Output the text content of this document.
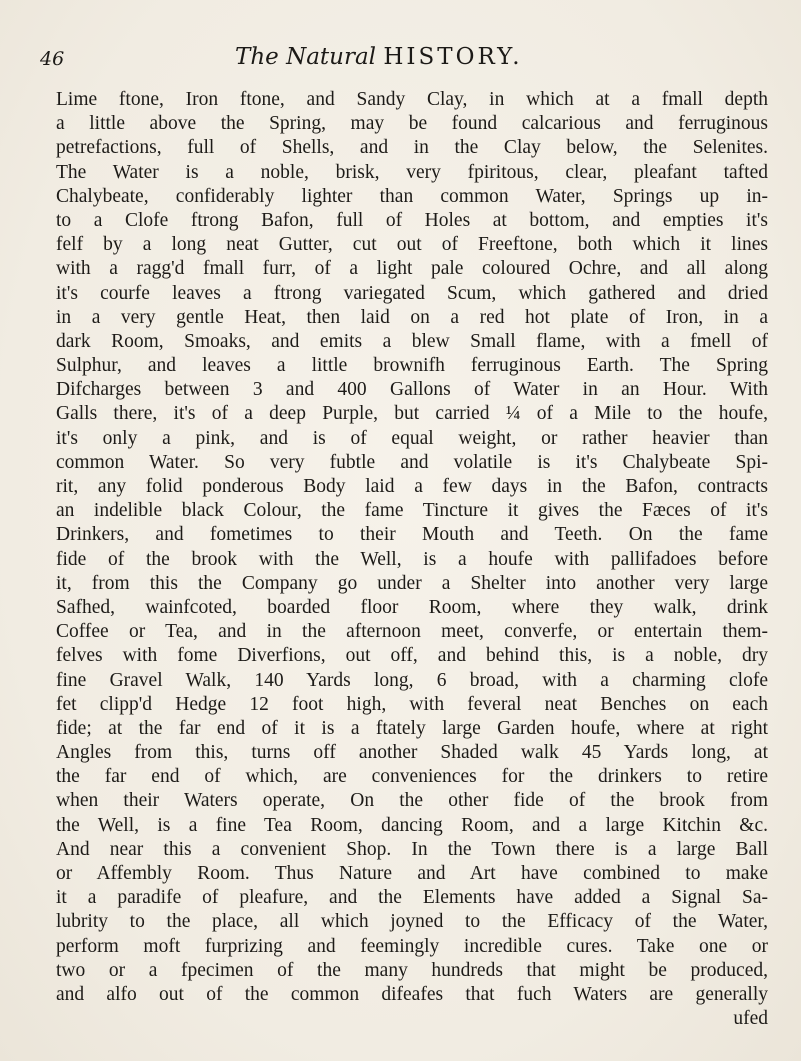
46	The Natural HISTORY.
Lime ftone, Iron ftone, and Sandy Clay, in which at a fmall depth
a little above the Spring, may be found calcarious and ferruginous
petrefactions, full of Shells, and in the Clay below, the Selenites.
The Water is a noble, brisk, very fpiritous, clear, pleafant tafted
Chalybeate, confiderably lighter than common Water, Springs up in-
to a Clofe ftrong Bafon, full of Holes at bottom, and empties it's
felf by a long neat Gutter, cut out of Freeftone, both which it lines
with a ragg'd fmall furr, of a light pale coloured Ochre, and all along
it's courfe leaves a ftrong variegated Scum, which gathered and dried
in a very gentle Heat, then laid on a red hot plate of Iron, in a
dark Room, Smoaks, and emits a blew Small flame, with a fmell of
Sulphur, and leaves a little brownifh ferruginous Earth. The Spring
Difcharges between 3 and 400 Gallons of Water in an Hour. With
Galls there, it's of a deep Purple, but carried ¼ of a Mile to the houfe,
it's only a pink, and is of equal weight, or rather heavier than
common Water. So very fubtle and volatile is it's Chalybeate Spi-
rit, any folid ponderous Body laid a few days in the Bafon, contracts
an indelible black Colour, the fame Tincture it gives the Fæces of it's
Drinkers, and fometimes to their Mouth and Teeth. On the fame
fide of the brook with the Well, is a houfe with pallifadoes before
it, from this the Company go under a Shelter into another very large
Safhed, wainfcoted, boarded floor Room, where they walk, drink
Coffee or Tea, and in the afternoon meet, converfe, or entertain them-
felves with fome Diverfions, out off, and behind this, is a noble, dry
fine Gravel Walk, 140 Yards long, 6 broad, with a charming clofe
fet clipp'd Hedge 12 foot high, with feveral neat Benches on each
fide; at the far end of it is a ftately large Garden houfe, where at right
Angles from this, turns off another Shaded walk 45 Yards long, at
the far end of which, are conveniences for the drinkers to retire
when their Waters operate, On the other fide of the brook from
the Well, is a fine Tea Room, dancing Room, and a large Kitchin &c.
And near this a convenient Shop. In the Town there is a large Ball
or Affembly Room. Thus Nature and Art have combined to make
it a paradife of pleafure, and the Elements have added a Signal Sa-
lubrity to the place, all which joyned to the Efficacy of the Water,
perform moft furprizing and feemingly incredible cures. Take one or
two or a fpecimen of the many hundreds that might be produced,
and alfo out of the common difeafes that fuch Waters are generally
ufed
